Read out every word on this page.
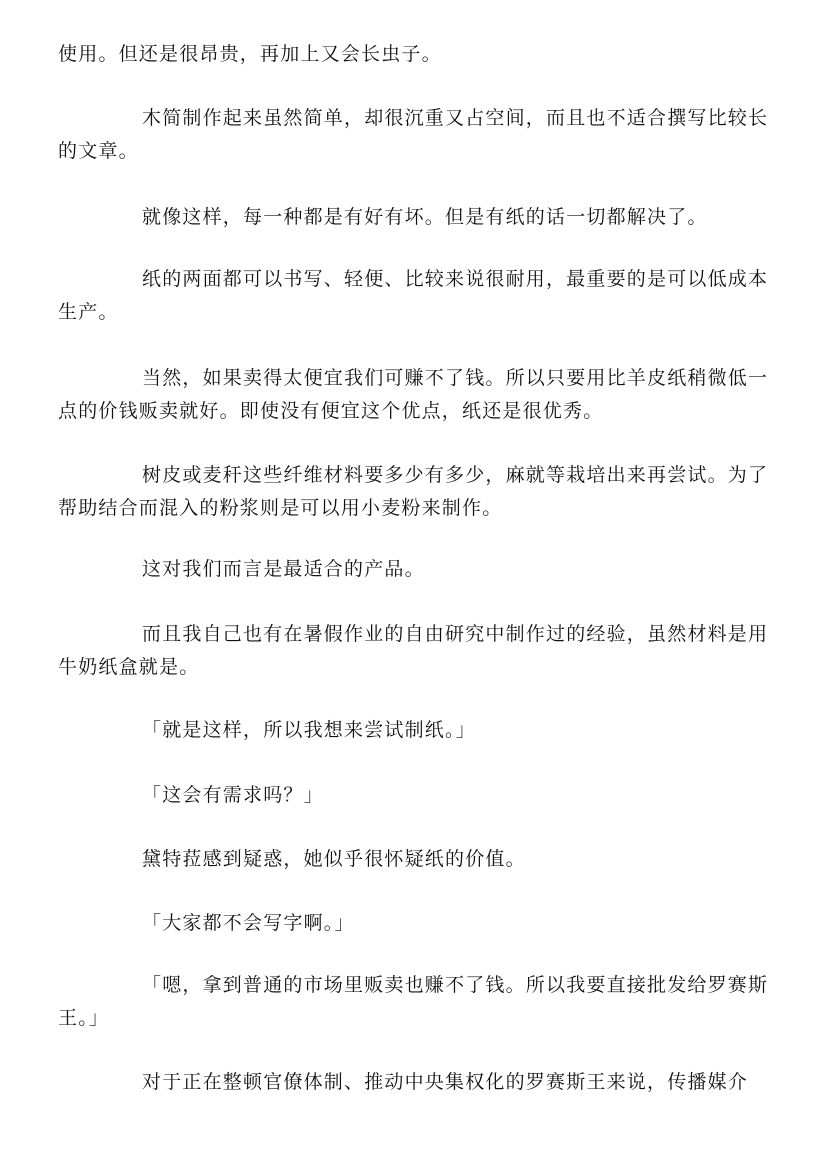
使用。但还是很昂贵，再加上又会长虫子。

木简制作起来虽然简单，却很沉重又占空间，而且也不适合撰写比较长的文章。

就像这样，每一种都是有好有坏。但是有纸的话一切都解决了。

纸的两面都可以书写、轻便、比较来说很耐用，最重要的是可以低成本生产。

当然，如果卖得太便宜我们可赚不了钱。所以只要用比羊皮纸稍微低一点的价钱贩卖就好。即使没有便宜这个优点，纸还是很优秀。

树皮或麦秆这些纤维材料要多少有多少，麻就等栽培出来再尝试。为了帮助结合而混入的粉浆则是可以用小麦粉来制作。

这对我们而言是最适合的产品。

而且我自己也有在暑假作业的自由研究中制作过的经验，虽然材料是用牛奶纸盒就是。

「就是这样，所以我想来尝试制纸。」

「这会有需求吗？」

黛特菈感到疑惑，她似乎很怀疑纸的价值。

「大家都不会写字啊。」

「嗯，拿到普通的市场里贩卖也赚不了钱。所以我要直接批发给罗赛斯王。」

对于正在整顿官僚体制、推动中央集权化的罗赛斯王来说，传播媒介
